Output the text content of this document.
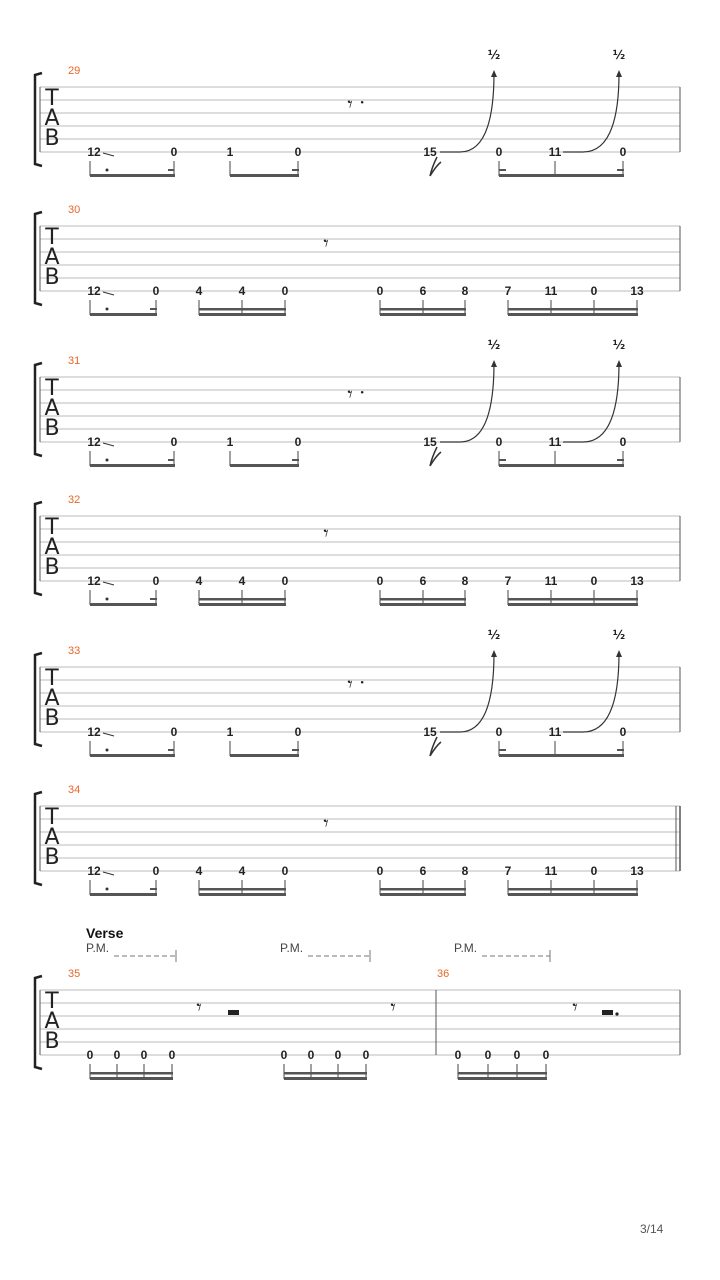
T
A
B
29
12	0	1	0	15	0	11	0
𝄾 ·
½	½
T
A
B
30
12	0	4	4	0	0	6	8	7	11	0	13
𝄾
T
A
B
31
12	0	1	0	15	0	11	0
𝄾 ·
½	½
T
A
B
32
12	0	4	4	0	0	6	8	7	11	0	13
𝄾
T
A
B
33
12	0	1	0	15	0	11	0
𝄾 ·
½	½
T
A
B
34
12	0	4	4	0	0	6	8	7	11	0	13
𝄾
T
A
B
35	36
Verse
P.M.	P.M.	P.M.
0 0 0 0	0 0 0 0	0 0 0 0
𝄾	𝄾	𝄾
3/14
